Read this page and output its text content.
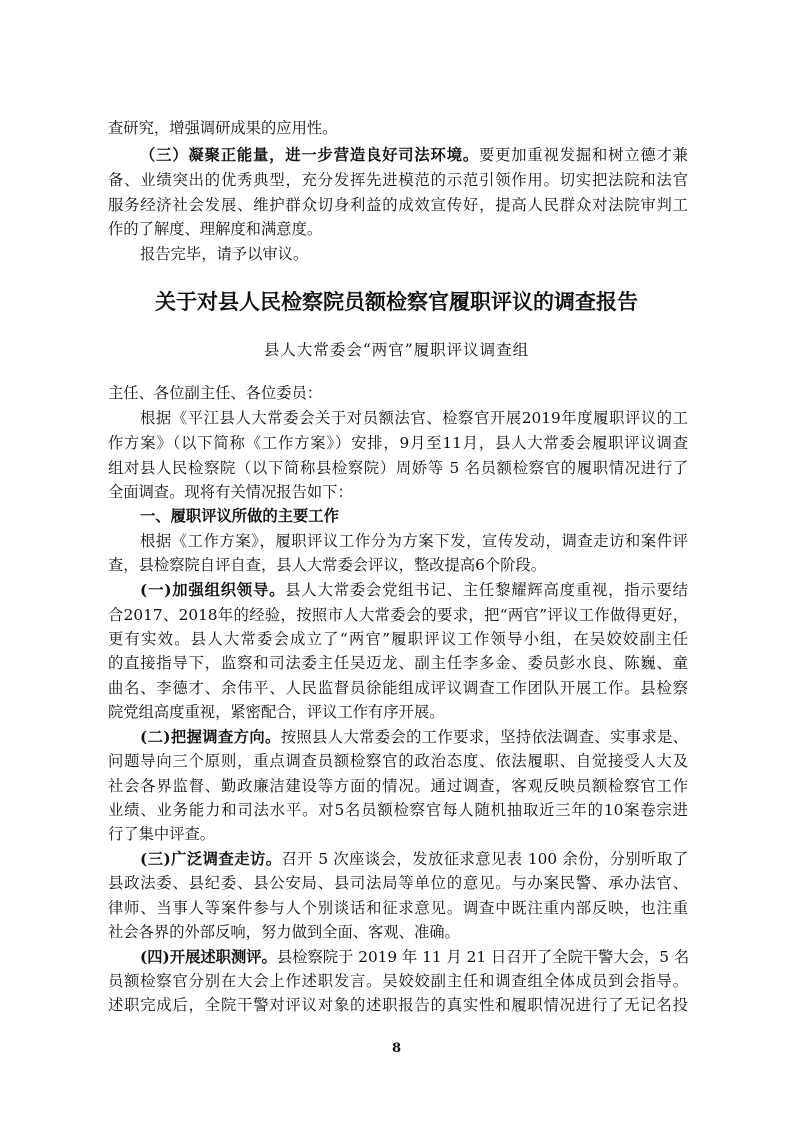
关于对县人民检察院员额检察官履职评议的调查报告
县人大常委会“两官”履职评议调查组
8
查研究，增强调研成果的应用性。
（三）凝聚正能量，进一步营造良好司法环境。要更加重视发掘和树立德才兼
备、业绩突出的优秀典型，充分发挥先进模范的示范引领作用。切实把法院和法官
服务经济社会发展、维护群众切身利益的成效宣传好，提高人民群众对法院审判工
作的了解度、理解度和满意度。
报告完毕，请予以审议。
主任、各位副主任、各位委员：
根据《平江县人大常委会关于对员额法官、检察官开展2019年度履职评议的工
作方案》（以下简称《工作方案》）安排，9月至11月，县人大常委会履职评议调查
组对县人民检察院（以下简称县检察院）周娇等 5 名员额检察官的履职情况进行了
全面调查。现将有关情况报告如下：
一、履职评议所做的主要工作
根据《工作方案》，履职评议工作分为方案下发，宣传发动，调查走访和案件评
查，县检察院自评自查，县人大常委会评议，整改提高6个阶段。
(一)加强组织领导。县人大常委会党组书记、主任黎耀辉高度重视，指示要结
合2017、2018年的经验，按照市人大常委会的要求，把“两官”评议工作做得更好，
更有实效。县人大常委会成立了“两官”履职评议工作领导小组，在吴姣姣副主任
的直接指导下，监察和司法委主任吴迈龙、副主任李多金、委员彭水良、陈巍、童
曲名、李德才、余伟平、人民监督员徐能组成评议调查工作团队开展工作。县检察
院党组高度重视，紧密配合，评议工作有序开展。
(二)把握调查方向。按照县人大常委会的工作要求，坚持依法调查、实事求是、
问题导向三个原则，重点调查员额检察官的政治态度、依法履职、自觉接受人大及
社会各界监督、勤政廉洁建设等方面的情况。通过调查，客观反映员额检察官工作
业绩、业务能力和司法水平。对5名员额检察官每人随机抽取近三年的10案卷宗进
行了集中评查。
(三)广泛调查走访。召开 5 次座谈会，发放征求意见表 100 余份，分别听取了
县政法委、县纪委、县公安局、县司法局等单位的意见。与办案民警、承办法官、
律师、当事人等案件参与人个别谈话和征求意见。调查中既注重内部反映，也注重
社会各界的外部反响，努力做到全面、客观、准确。
(四)开展述职测评。县检察院于 2019 年 11 月 21 日召开了全院干警大会，5 名
员额检察官分别在大会上作述职发言。吴姣姣副主任和调查组全体成员到会指导。
述职完成后，全院干警对评议对象的述职报告的真实性和履职情况进行了无记名投
